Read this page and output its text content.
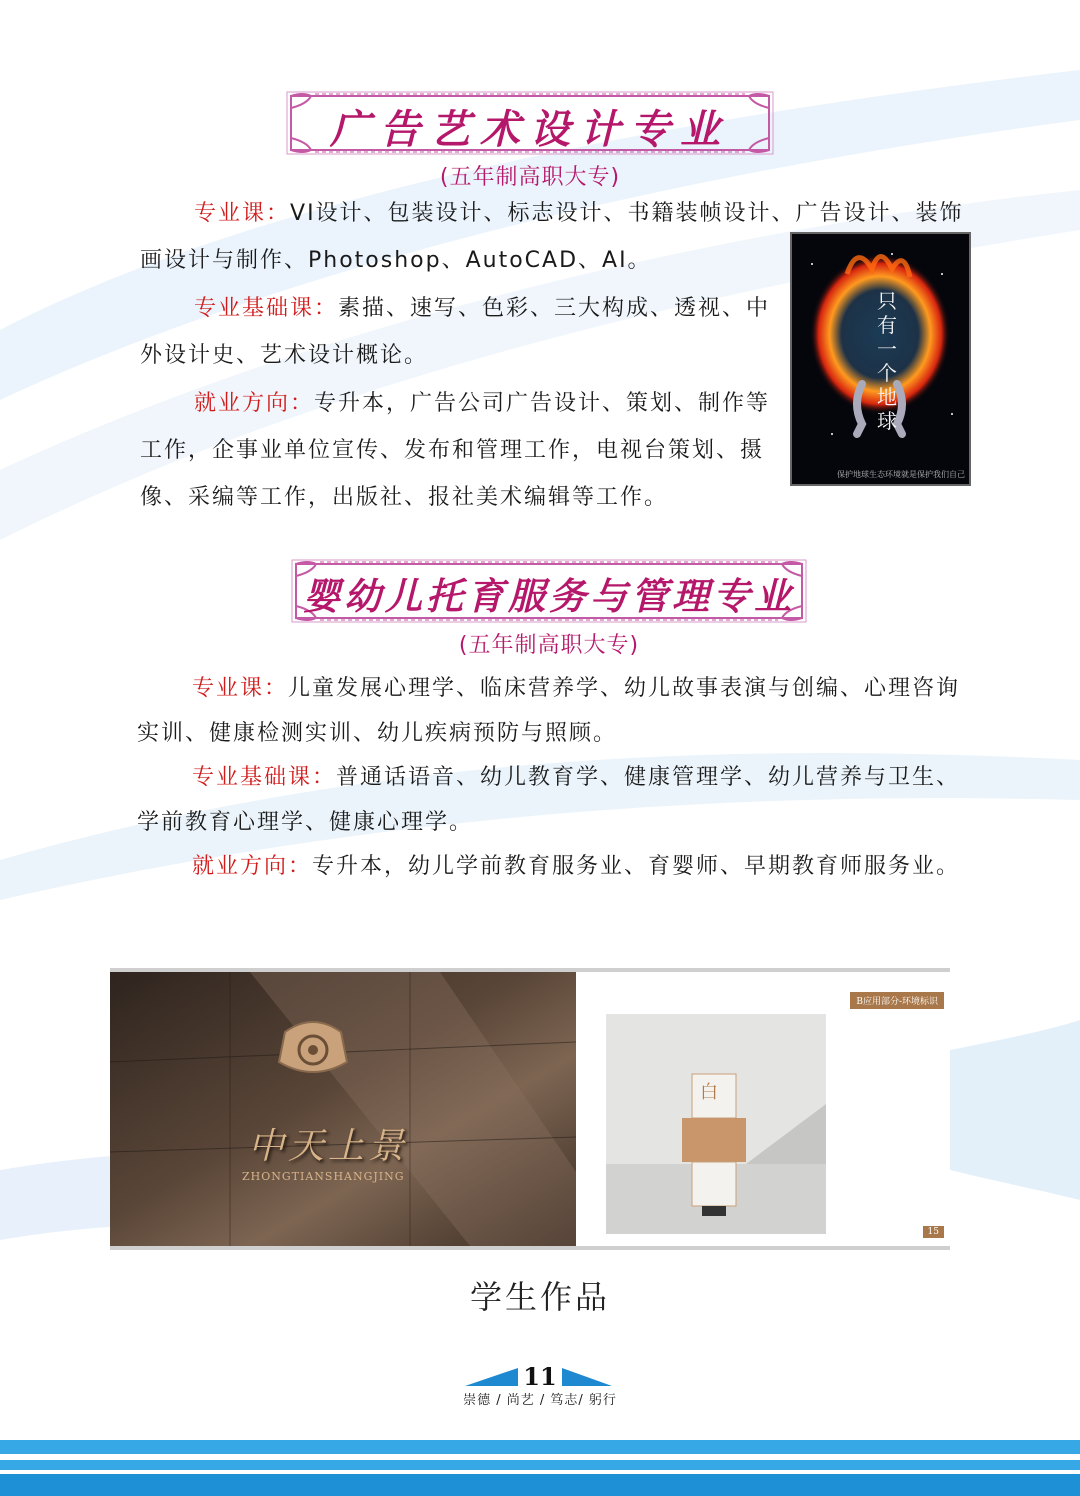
广告艺术设计专业
(五年制高职大专)
专业课：VI设计、包装设计、标志设计、书籍装帧设计、广告设计、装饰画设计与制作、Photoshop、AutoCAD、AI。
专业基础课：素描、速写、色彩、三大构成、透视、中外设计史、艺术设计概论。
就业方向：专升本，广告公司广告设计、策划、制作等工作，企事业单位宣传、发布和管理工作，电视台策划、摄像、采编等工作，出版社、报社美术编辑等工作。
只
有
一
个
地
球
保护地球生态环境就是保护我们自己
婴幼儿托育服务与管理专业
(五年制高职大专)
专业课：儿童发展心理学、临床营养学、幼儿故事表演与创编、心理咨询实训、健康检测实训、幼儿疾病预防与照顾。
专业基础课：普通话语音、幼儿教育学、健康管理学、幼儿营养与卫生、学前教育心理学、健康心理学。
就业方向：专升本，幼儿学前教育服务业、育婴师、早期教育师服务业。
中天上景
ZHONGTIANSHANGJING
B应用部分-环境标识
白
15
学生作品
11
崇德 / 尚艺 / 笃志/ 躬行
